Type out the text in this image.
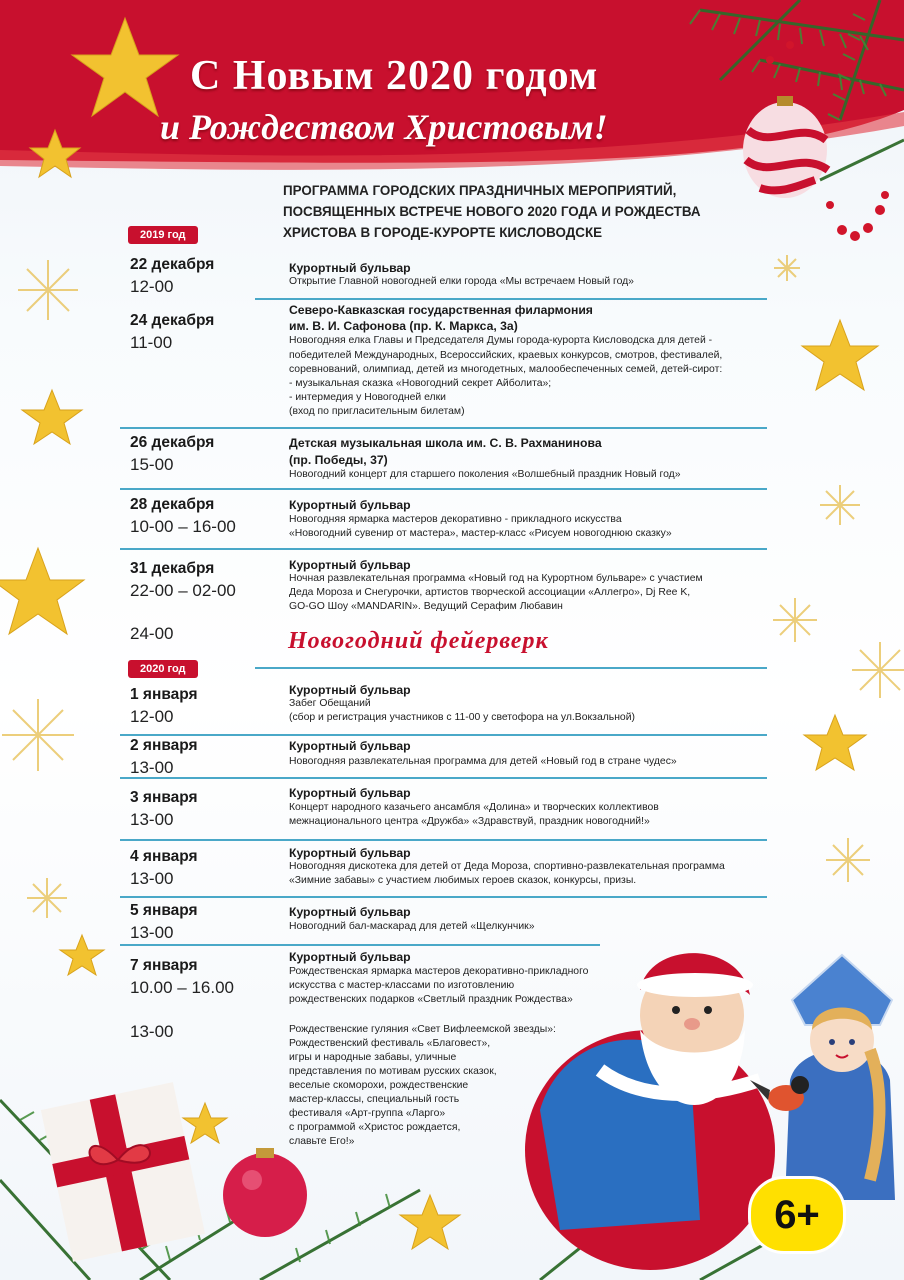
С Новым 2020 годом
и Рождеством Христовым!
ПРОГРАММА ГОРОДСКИХ ПРАЗДНИЧНЫХ МЕРОПРИЯТИЙ,
ПОСВЯЩЕННЫХ ВСТРЕЧЕ НОВОГО 2020 ГОДА И РОЖДЕСТВА
ХРИСТОВА В ГОРОДЕ-КУРОРТЕ КИСЛОВОДСКЕ
2019 год
22 декабря
12-00
Курортный бульвар
Открытие Главной новогодней елки города «Мы встречаем Новый год»
24 декабря
11-00
Северо-Кавказская государственная филармония
им. В. И. Сафонова (пр. К. Маркса, 3а)
Новогодняя елка Главы и Председателя Думы города-курорта Кисловодска для детей -
победителей Международных, Всероссийских, краевых конкурсов, смотров, фестивалей,
соревнований, олимпиад, детей из многодетных, малообеспеченных семей, детей-сирот:
- музыкальная сказка «Новогодний секрет Айболита»;
- интермедия у Новогодней елки
(вход по пригласительным билетам)
26 декабря
15-00
Детская музыкальная школа им. С. В. Рахманинова
(пр. Победы, 37)
Новогодний концерт для старшего поколения «Волшебный праздник Новый год»
28 декабря
10-00 – 16-00
Курортный бульвар
Новогодняя ярмарка мастеров декоративно - прикладного искусства
«Новогодний сувенир от мастера», мастер-класс «Рисуем новогоднюю сказку»
31 декабря
22-00 – 02-00
Курортный бульвар
Ночная развлекательная программа «Новый год на Курортном бульваре» с участием
Деда Мороза и Снегурочки, артистов творческой ассоциации «Аллегро», Dj Ree K,
GO-GO Шоу «MANDARIN». Ведущий Серафим Любавин
24-00	Новогодний фейерверк
2020 год
1 января
12-00
Курортный бульвар
Забег Обещаний
(сбор и регистрация участников с 11-00 у светофора на ул.Вокзальной)
2 января
13-00
Курортный бульвар
Новогодняя развлекательная программа для детей «Новый год в стране чудес»
3 января
13-00
Курортный бульвар
Концерт народного казачьего ансамбля «Долина» и творческих коллективов
межнационального центра «Дружба» «Здравствуй, праздник новогодний!»
4 января
13-00
Курортный бульвар
Новогодняя дискотека для детей от Деда Мороза, спортивно-развлекательная программа
«Зимние забавы» с участием любимых героев сказок, конкурсы, призы.
5 января
13-00
Курортный бульвар
Новогодний бал-маскарад для детей «Щелкунчик»
7 января
10.00 – 16.00
Курортный бульвар
Рождественская ярмарка мастеров декоративно-прикладного
искусства с мастер-классами по изготовлению
рождественских подарков «Светлый праздник Рождества»
13-00	Рождественские гуляния «Свет Вифлеемской звезды»:
Рождественский фестиваль «Благовест»,
игры и народные забавы, уличные
представления по мотивам русских сказок,
веселые скоморохи, рождественские
мастер-классы, специальный гость
фестиваля «Арт-группа «Ларго»
с программой «Христос рождается,
славьте Его!»
6+
